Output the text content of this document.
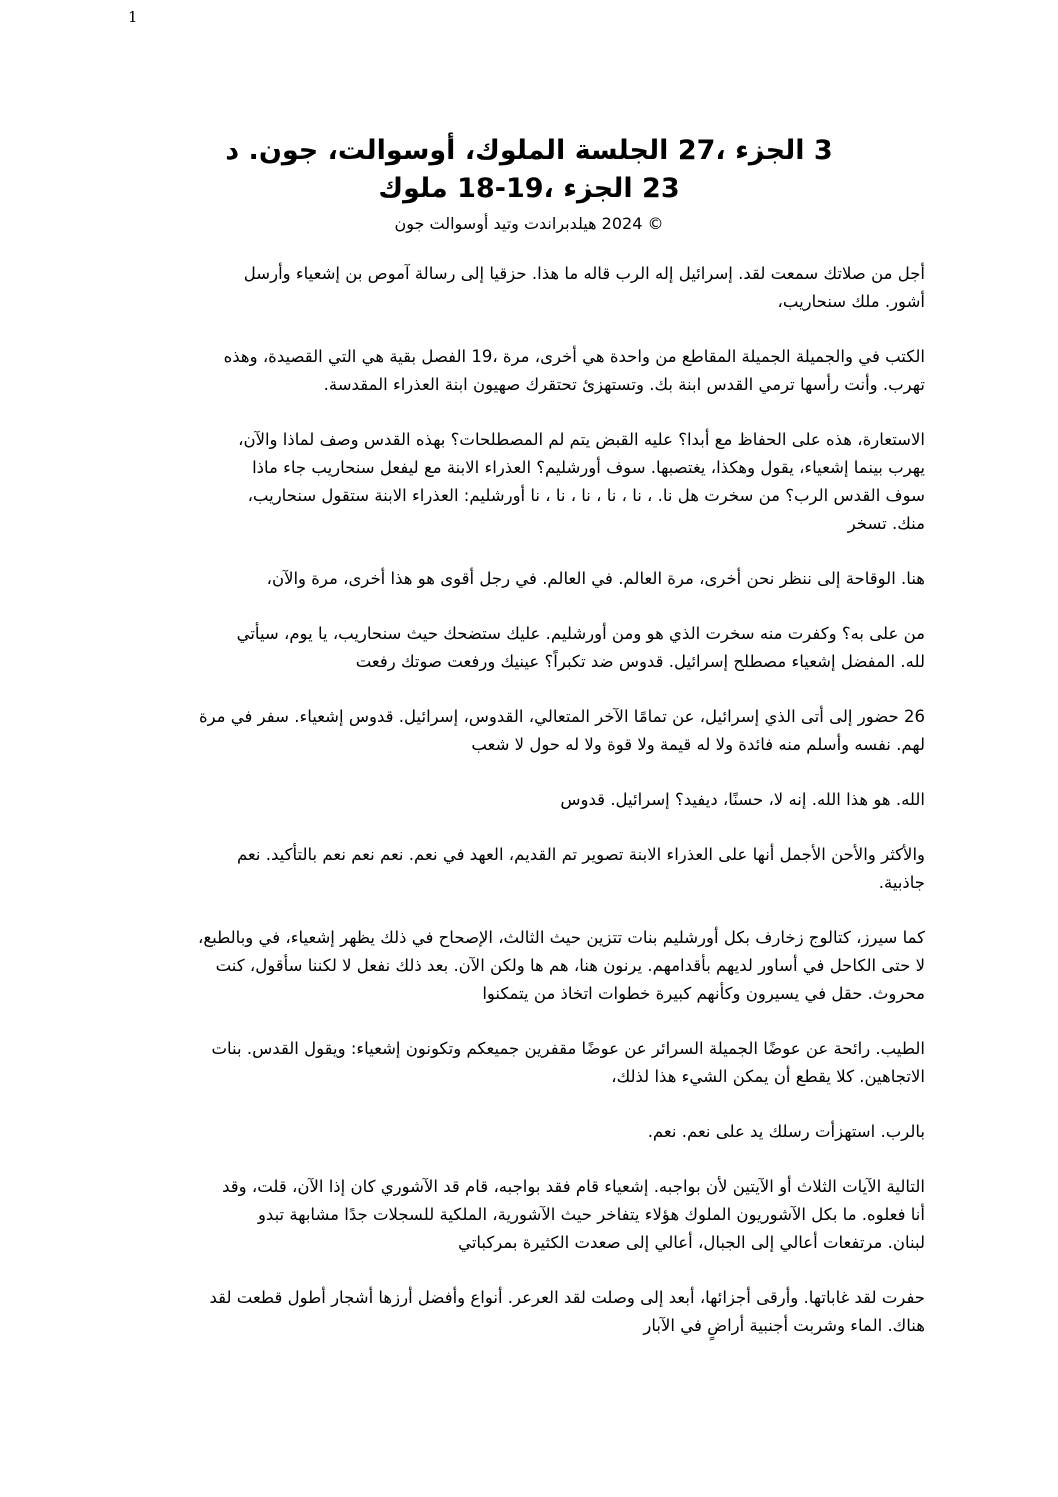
1
‎د‏ ‎.جون‏ ‎أوسوالت،‏ ‎الملوك،‏ ‎الجلسة‏ ‎27،‏ ‎الجزء‏ ‎3‏
‎ملوك‏ ‎18-19،‏ ‎الجزء‏ ‎23‏
‎جون‏ ‎أوسوالت‏ ‎وتيد‏ ‎هيلدبراندت‏ ‎2024‏ ‎©‏
‎وأرسل‏ ‎إشعياء‏ ‎بن‏ ‎آموص‏ ‎رسالة‏ ‎إلى‏ ‎حزقيا‏ ‎.هذا‏ ‎ما‏ ‎قاله‏ ‎الرب‏ ‎إله‏ ‎إسرائيل‏ ‎.لقد‏ ‎سمعت‏ ‎صلاتك‏ ‎من‏ ‎أجل‏
‎سنحاريب،‏ ‎ملك‏ ‎أشور.‏
‎وهذه‏ ‎القصيدة،‏ ‎التي‏ ‎هي‏ ‎بقية‏ ‎الفصل‏ ‎19،‏ ‎مرة‏ ‎أخرى،‏ ‎هي‏ ‎واحدة‏ ‎من‏ ‎المقاطع‏ ‎الجميلة‏ ‎والجميلة‏ ‎في‏ ‎الكتب‏
‎المقدسة.‏ ‎العذراء‏ ‎ابنة‏ ‎صهيون‏ ‎تحتقرك‏ ‎وتستهزئ‏ ‎بك.‏ ‎ابنة‏ ‎القدس‏ ‎ترمي‏ ‎رأسها‏ ‎وأنت‏ ‎تهرب.‏
‎والآن،‏ ‎لماذا‏ ‎وصف‏ ‎القدس‏ ‎بهذه‏ ‎المصطلحات؟‏ ‎لم‏ ‎يتم‏ ‎القبض‏ ‎عليه‏ ‎أبدا؟‏ ‎مع‏ ‎الحفاظ‏ ‎على‏ ‎هذه‏ ‎الاستعارة،‏
‎ماذا‏ ‎جاء‏ ‎سنحاريب‏ ‎ليفعل‏ ‎مع‏ ‎الابنة‏ ‎العذراء‏ ‎أورشليم؟‏ ‎سوف‏ ‎يغتصبها.‏ ‎وهكذا،‏ ‎يقول‏ ‎إشعياء،‏ ‎بينما‏ ‎يهرب‏
‎سنحاريب،‏ ‎ستقول‏ ‎الابنة‏ ‎العذراء‏ ‎أورشليم:‏ ‎نا‏ ‎،‏ ‎نا‏ ‎،‏ ‎نا‏ ‎،‏ ‎نا‏ ‎،‏ ‎نا‏ ‎،‏ ‎نا.‏ ‎هل‏ ‎سخرت‏ ‎من‏ ‎الرب؟‏ ‎القدس‏ ‎سوف‏
‎تسخر‏ ‎منك.‏
‎والآن،‏ ‎مرة‏ ‎أخرى،‏ ‎هذا‏ ‎هو‏ ‎أقوى‏ ‎رجل‏ ‎في‏ ‎العالم.‏ ‎في‏ ‎العالم.‏ ‎مرة‏ ‎أخرى،‏ ‎نحن‏ ‎ننظر‏ ‎إلى‏ ‎الوقاحة‏ ‎هنا.‏
‎سيأتي‏ ‎يوم،‏ ‎يا‏ ‎سنحاريب،‏ ‎حيث‏ ‎ستضحك‏ ‎عليك‏ ‎أورشليم.‏ ‎ومن‏ ‎هو‏ ‎الذي‏ ‎سخرت‏ ‎منه‏ ‎وكفرت‏ ‎به؟‏ ‎على‏ ‎من‏
‎رفعت‏ ‎صوتك‏ ‎ورفعت‏ ‎عينيك‏ ‎تكبراً؟‏ ‎ضد‏ ‎قدوس‏ ‎إسرائيل.‏ ‎مصطلح‏ ‎إشعياء‏ ‎المفضل‏ ‎لله.‏
‎مرة‏ ‎في‏ ‎سفر‏ ‎إشعياء.‏ ‎قدوس‏ ‎إسرائيل.‏ ‎القدوس،‏ ‎المتعالي،‏ ‎الآخر‏ ‎تمامًا‏ ‎عن‏ ‎إسرائيل،‏ ‎الذي‏ ‎أتى‏ ‎إلى‏ ‎حضور‏ ‎26‏
‎شعب‏ ‎لا‏ ‎حول‏ ‎له‏ ‎ولا‏ ‎قوة‏ ‎ولا‏ ‎قيمة‏ ‎له‏ ‎ولا‏ ‎فائدة‏ ‎منه‏ ‎وأسلم‏ ‎نفسه‏ ‎لهم.‏
‎قدوس‏ ‎إسرائيل.‏ ‎ديفيد؟‏ ‎حسنًا،‏ ‎لا،‏ ‎إنه‏ ‎الله.‏ ‎هذا‏ ‎هو‏ ‎الله.‏
‎نعم‏ ‎بالتأكيد.‏ ‎نعم‏ ‎نعم‏ ‎نعم‏ ‎نعم.‏ ‎في‏ ‎العهد‏ ‎القديم،‏ ‎تم‏ ‎تصوير‏ ‎الابنة‏ ‎العذراء‏ ‎على‏ ‎أنها‏ ‎الأجمل‏ ‎والأحن‏ ‎والأكثر‏
‎جاذبية.‏
‎وبالطبع،‏ ‎في‏ ‎إشعياء،‏ ‎يظهر‏ ‎ذلك‏ ‎في‏ ‎الإصحاح‏ ‎الثالث،‏ ‎حيث‏ ‎تتزين‏ ‎بنات‏ ‎أورشليم‏ ‎بكل‏ ‎زخارف‏ ‎كتالوج‏ ‎سيرز،‏ ‎كما‏
‎كنت‏ ‎سأقول،‏ ‎لكننا‏ ‎لا‏ ‎نفعل‏ ‎ذلك‏ ‎بعد‏ ‎الآن.‏ ‎ولكن‏ ‎ها‏ ‎هم‏ ‎هنا،‏ ‎يرنون‏ ‎بأقدامهم.‏ ‎لديهم‏ ‎أساور‏ ‎في‏ ‎الكاحل‏ ‎حتى‏ ‎لا‏
‎يتمكنوا‏ ‎من‏ ‎اتخاذ‏ ‎خطوات‏ ‎كبيرة‏ ‎وكأنهم‏ ‎يسيرون‏ ‎في‏ ‎حقل‏ ‎محروث.‏
‎بنات‏ ‎القدس.‏ ‎ويقول‏ ‎إشعياء:‏ ‎وتكونون‏ ‎جميعكم‏ ‎مقفرين‏ ‎عوضًا‏ ‎عن‏ ‎السرائر‏ ‎الجميلة‏ ‎عوضًا‏ ‎عن‏ ‎رائحة‏ ‎الطيب.‏
‎لذلك،‏ ‎هذا‏ ‎الشيء‏ ‎يمكن‏ ‎أن‏ ‎يقطع‏ ‎كلا‏ ‎الاتجاهين.‏
‎نعم.‏ ‎نعم.‏ ‎على‏ ‎يد‏ ‎رسلك‏ ‎استهزأت‏ ‎بالرب.‏
‎وقد‏ ‎قلت،‏ ‎الآن،‏ ‎إذا‏ ‎كان‏ ‎الآشوري‏ ‎قد‏ ‎قام‏ ‎بواجبه،‏ ‎فقد‏ ‎قام‏ ‎إشعياء‏ ‎بواجبه.‏ ‎لأن‏ ‎الآيتين‏ ‎أو‏ ‎الثلاث‏ ‎الآيات‏ ‎التالية‏
‎تبدو‏ ‎مشابهة‏ ‎جدًا‏ ‎للسجلات‏ ‎الملكية‏ ‎الآشورية،‏ ‎حيث‏ ‎يتفاخر‏ ‎هؤلاء‏ ‎الملوك‏ ‎الآشوريون‏ ‎بكل‏ ‎ما‏ ‎فعلوه.‏ ‎أنا‏
‎بمركباتي‏ ‎الكثيرة‏ ‎صعدت‏ ‎إلى‏ ‎أعالي‏ ‎الجبال،‏ ‎إلى‏ ‎أعالي‏ ‎مرتفعات‏ ‎لبنان.‏
‎لقد‏ ‎قطعت‏ ‎أطول‏ ‎أشجار‏ ‎أرزها‏ ‎وأفضل‏ ‎أنواع‏ ‎العرعر.‏ ‎لقد‏ ‎وصلت‏ ‎إلى‏ ‎أبعد‏ ‎أجزائها،‏ ‎وأرقى‏ ‎غاباتها.‏ ‎لقد‏ ‎حفرت‏
‎الآبار‏ ‎في‏ ‎أراضٍ‏ ‎أجنبية‏ ‎وشربت‏ ‎الماء‏ ‎هناك.‏
